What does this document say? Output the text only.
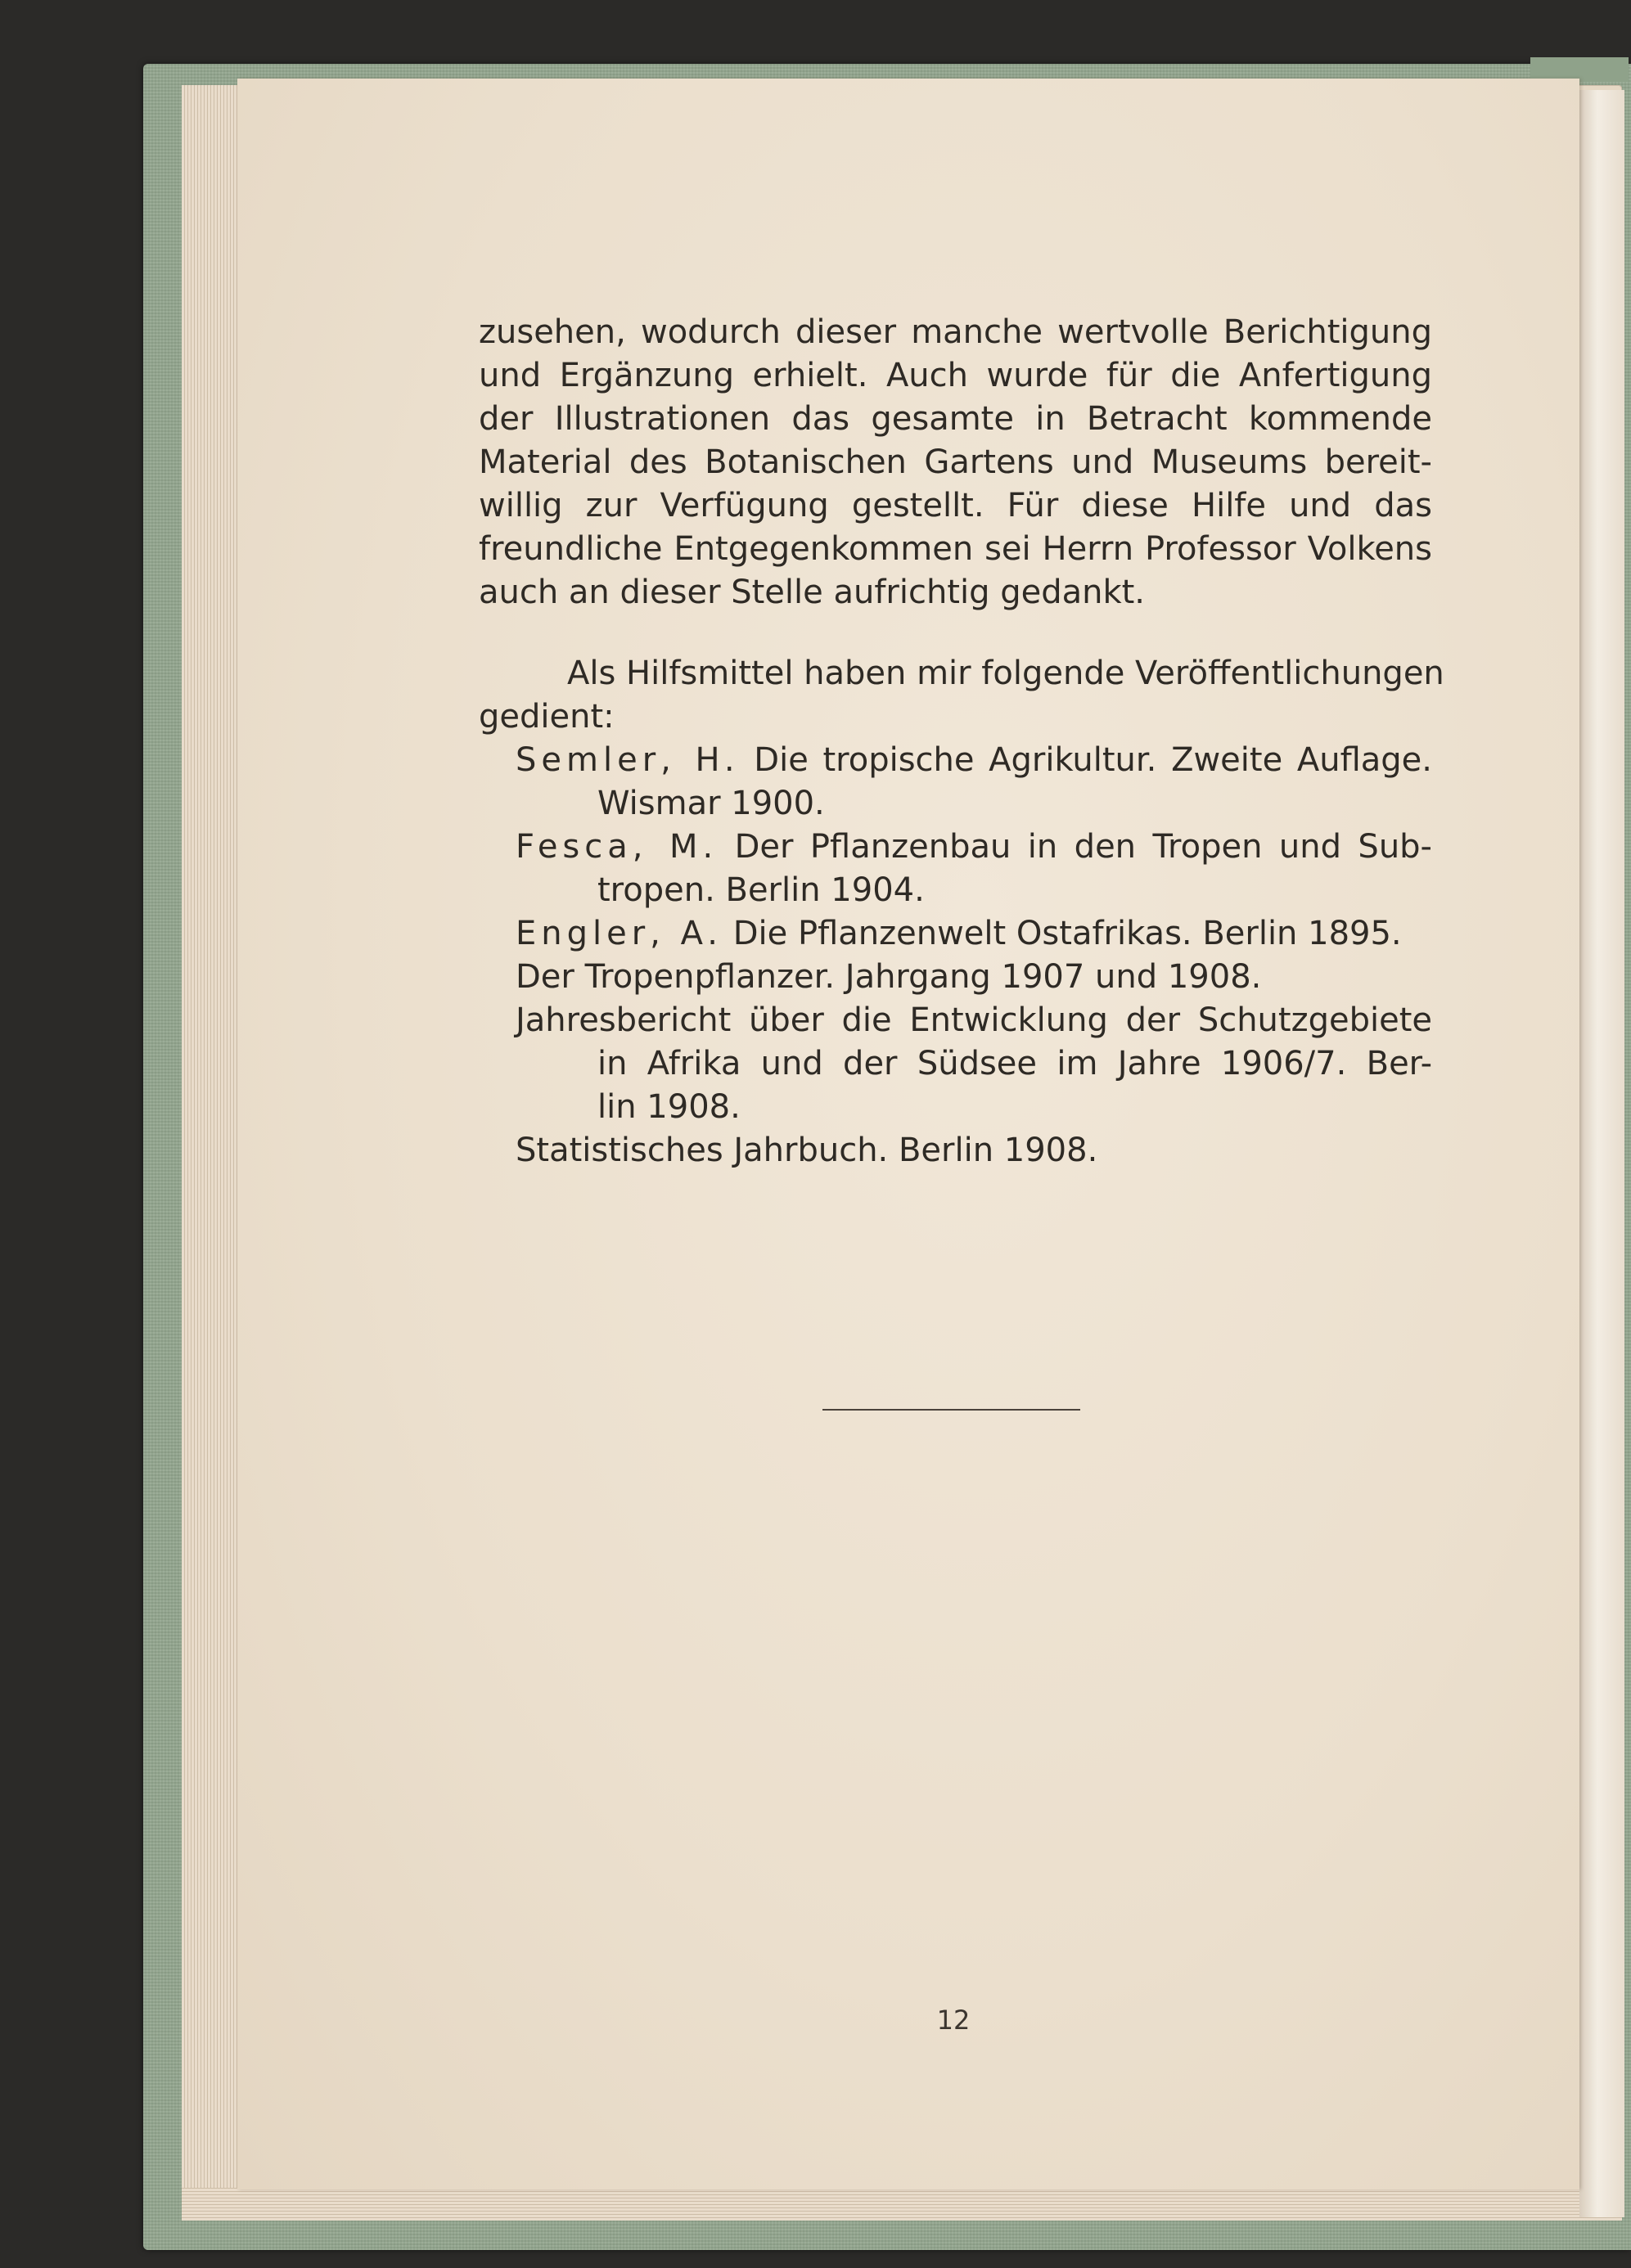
zusehen, wodurch dieser manche wertvolle Berichtigung
und Ergänzung erhielt. Auch wurde für die Anfertigung
der Illustrationen das gesamte in Betracht kommende
Material des Botanischen Gartens und Museums bereit-
willig zur Verfügung gestellt. Für diese Hilfe und das
freundliche Entgegenkommen sei Herrn Professor Volkens
auch an dieser Stelle aufrichtig gedankt.
Als Hilfsmittel haben mir folgende Veröffentlichungen
gedient:
Semler, H. Die tropische Agrikultur. Zweite Auflage.
Wismar 1900.
Fesca, M. Der Pflanzenbau in den Tropen und Sub-
tropen. Berlin 1904.
Engler, A. Die Pflanzenwelt Ostafrikas. Berlin 1895.
Der Tropenpflanzer. Jahrgang 1907 und 1908.
Jahresbericht über die Entwicklung der Schutzgebiete
in Afrika und der Südsee im Jahre 1906/7. Ber-
lin 1908.
Statistisches Jahrbuch. Berlin 1908.
12
